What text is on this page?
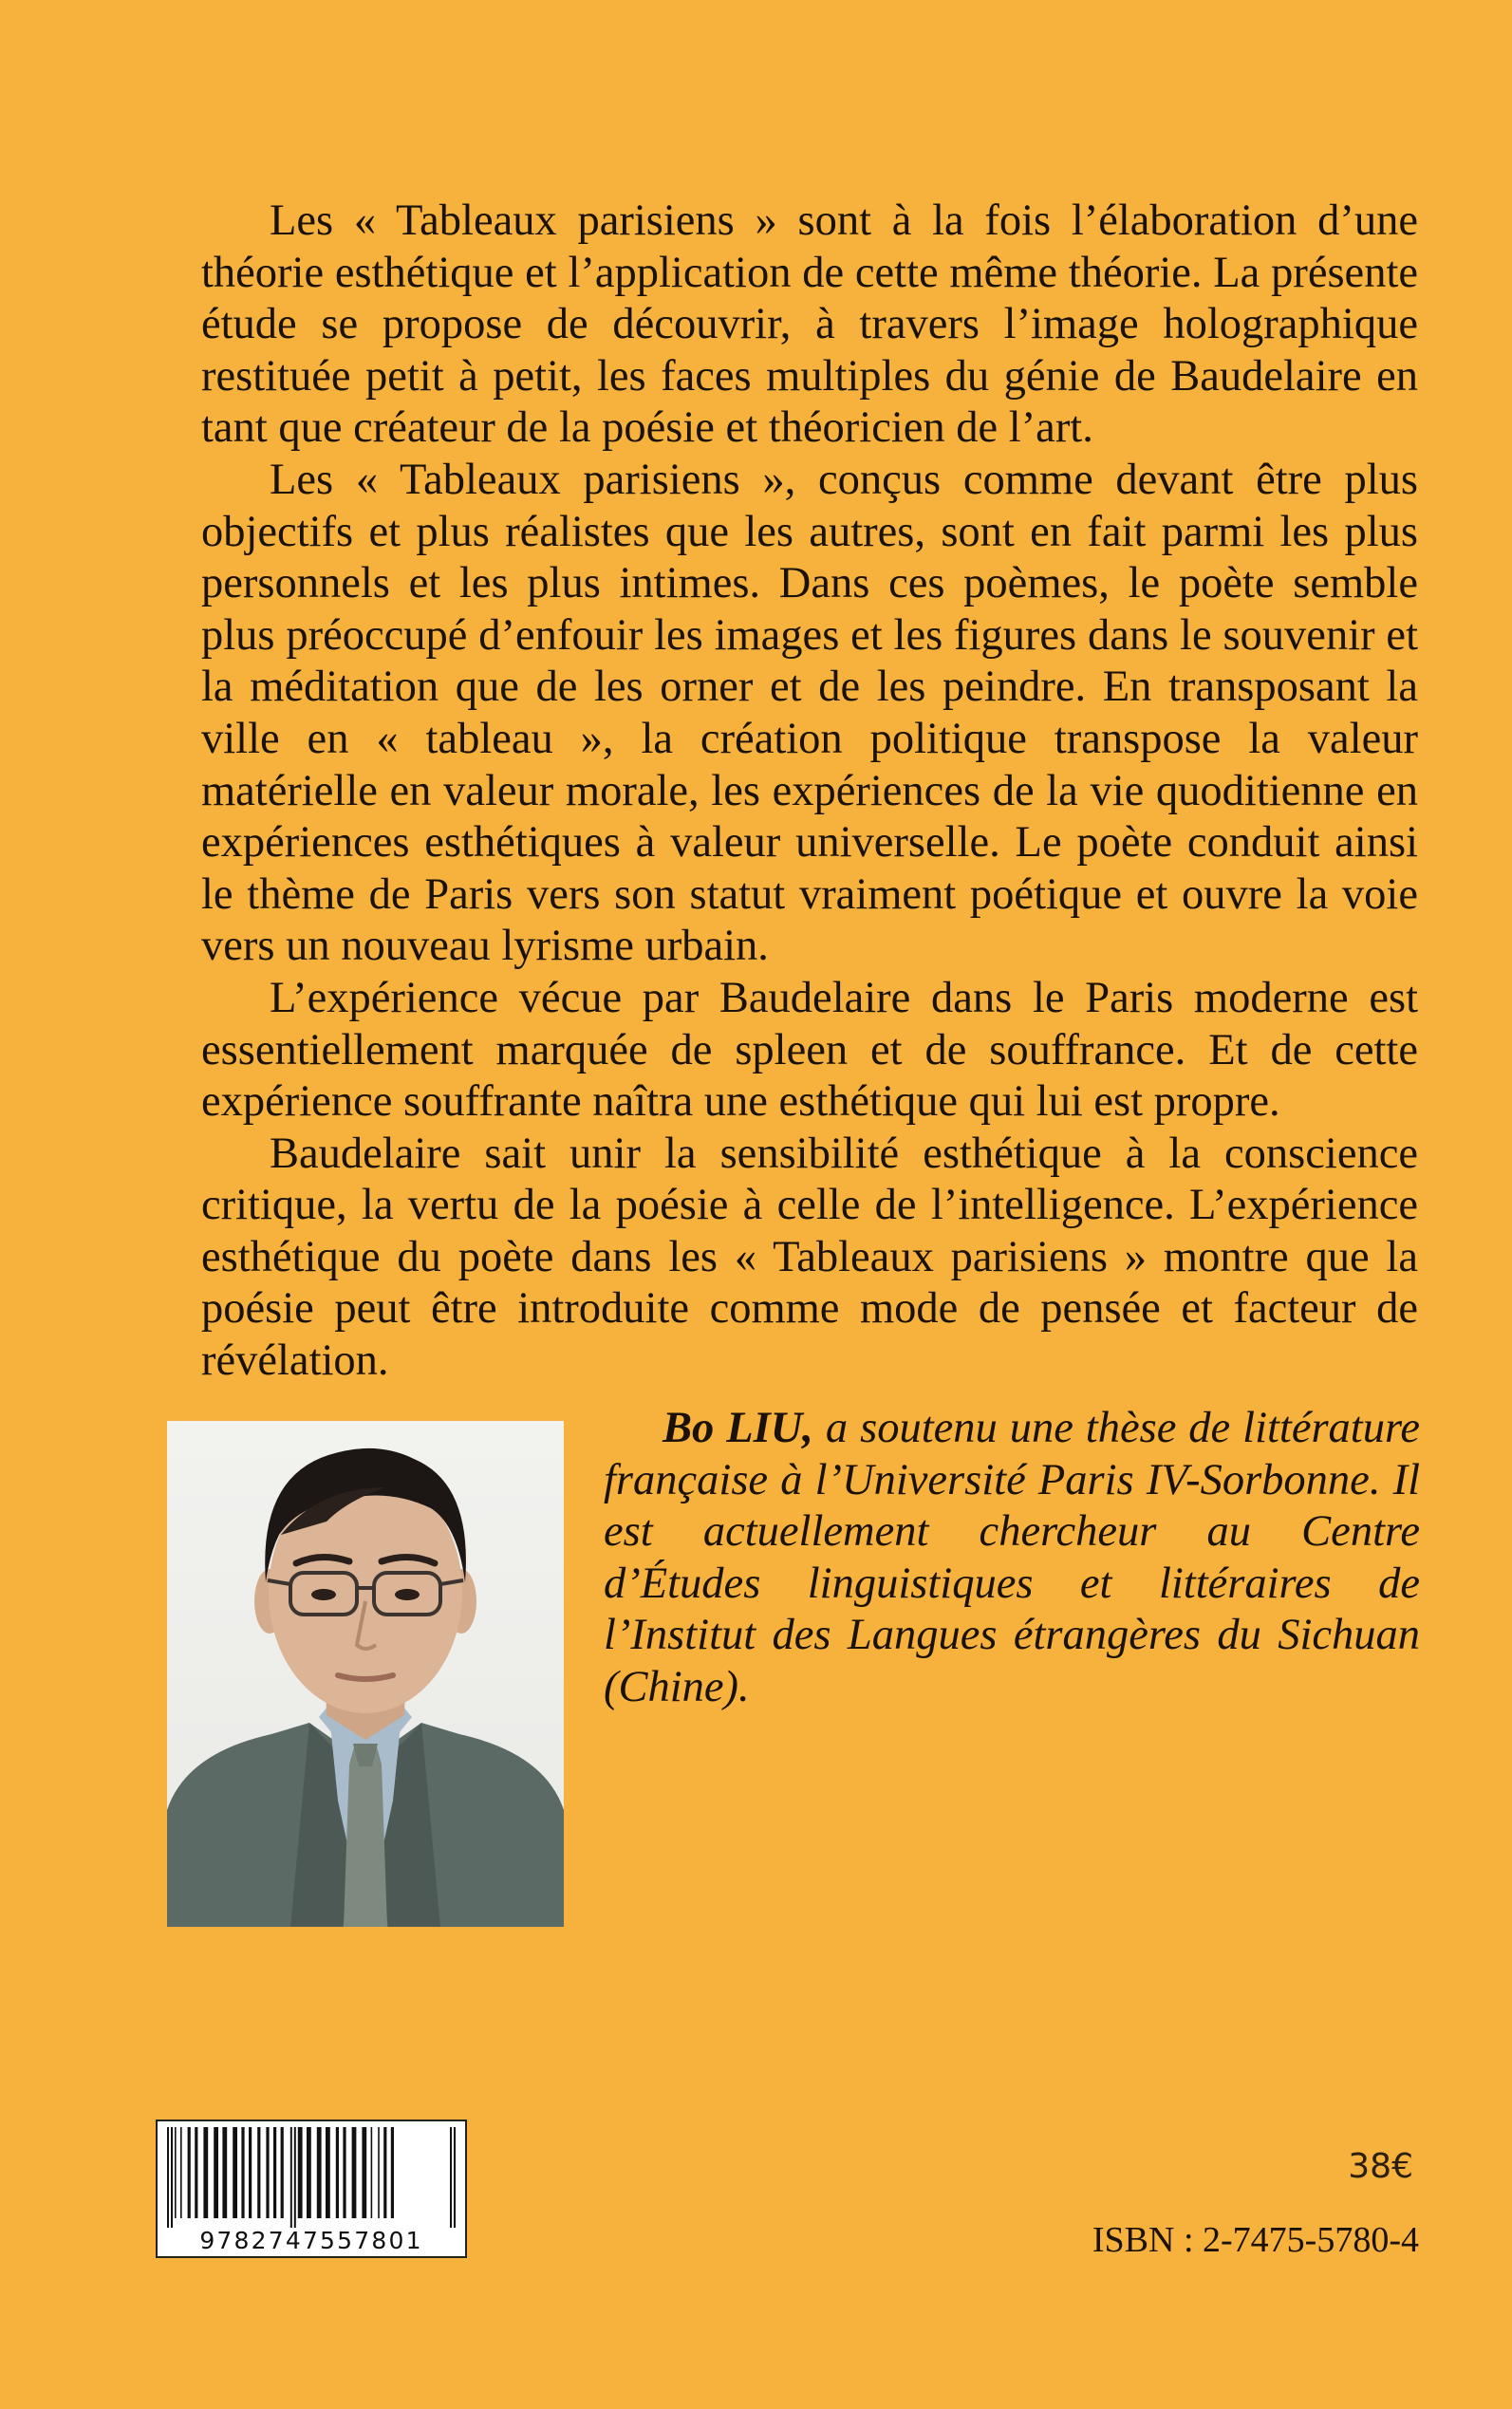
Les « Tableaux parisiens » sont à la fois l’élaboration d’une théorie esthétique et l’application de cette même théorie. La présente étude se propose de découvrir, à travers l’image holographique restituée petit à petit, les faces multiples du génie de Baudelaire en tant que créateur de la poésie et théoricien de l’art.

Les « Tableaux parisiens », conçus comme devant être plus objectifs et plus réalistes que les autres, sont en fait parmi les plus personnels et les plus intimes. Dans ces poèmes, le poète semble plus préoccupé d’enfouir les images et les figures dans le souvenir et la méditation que de les orner et de les peindre. En transposant la ville en « tableau », la création politique transpose la valeur matérielle en valeur morale, les expériences de la vie quoditienne en expériences esthétiques à valeur universelle. Le poète conduit ainsi le thème de Paris vers son statut vraiment poétique et ouvre la voie vers un nouveau lyrisme urbain.

L’expérience vécue par Baudelaire dans le Paris moderne est essentiellement marquée de spleen et de souffrance. Et de cette expérience souffrante naîtra une esthétique qui lui est propre.

Baudelaire sait unir la sensibilité esthétique à la conscience critique, la vertu de la poésie à celle de l’intelligence. L’expérience esthétique du poète dans les « Tableaux parisiens » montre que la poésie peut être introduite comme mode de pensée et facteur de révélation.

Bo LIU, a soutenu une thèse de littérature française à l’Université Paris IV-Sorbonne. Il est actuellement chercheur au Centre d’Études linguistiques et littéraires de l’Institut des Langues étrangères du Sichuan (Chine).

9782747557801
38€
ISBN : 2-7475-5780-4
